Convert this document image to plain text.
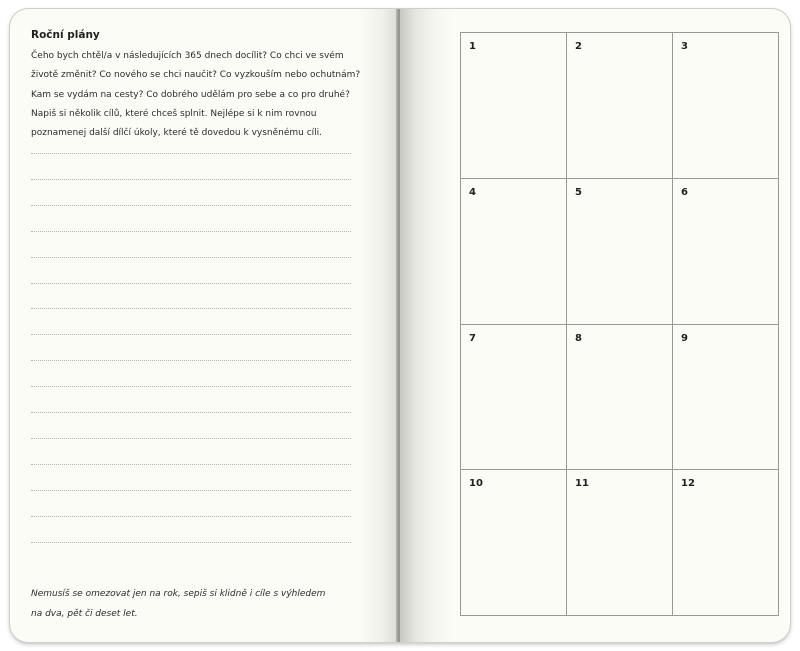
Roční plány

Čeho bych chtěl/a v následujících 365 dnech docílit? Co chci ve svém

životě změnit? Co nového se chci naučit? Co vyzkouším nebo ochutnám?

Kam se vydám na cesty? Co dobrého udělám pro sebe a co pro druhé?

Napiš si několik cílů, které chceš splnit. Nejlépe si k nim rovnou

poznamenej další dílčí úkoly, které tě dovedou k vysněnému cíli.

Nemusíš se omezovat jen na rok, sepiš si klidně i cíle s výhledem

na dva, pět či deset let.

1	2	3
4	5	6
7	8	9
10	11	12
